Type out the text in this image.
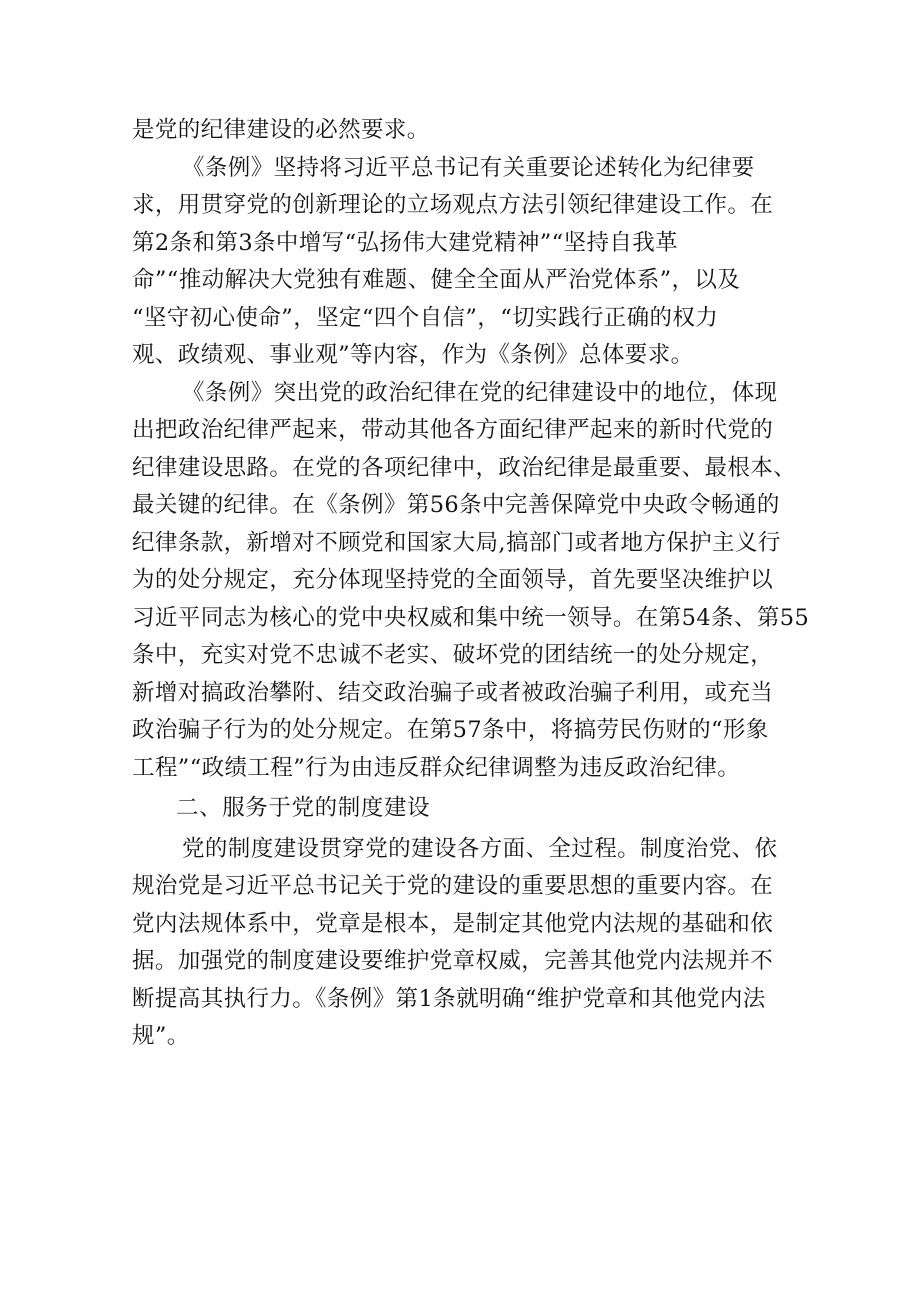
是党的纪律建设的必然要求。
《条例》坚持将习近平总书记有关重要论述转化为纪律要
求，用贯穿党的创新理论的立场观点方法引领纪律建设工作。在
第2条和第3条中增写“弘扬伟大建党精神”“坚持自我革
命”“推动解决大党独有难题、健全全面从严治党体系”，以及
“坚守初心使命”，坚定“四个自信”，“切实践行正确的权力
观、政绩观、事业观”等内容，作为《条例》总体要求。
《条例》突出党的政治纪律在党的纪律建设中的地位，体现
出把政治纪律严起来，带动其他各方面纪律严起来的新时代党的
纪律建设思路。在党的各项纪律中，政治纪律是最重要、最根本、
最关键的纪律。在《条例》第56条中完善保障党中央政令畅通的
纪律条款，新增对不顾党和国家大局,搞部门或者地方保护主义行
为的处分规定，充分体现坚持党的全面领导，首先要坚决维护以
习近平同志为核心的党中央权威和集中统一领导。在第54条、第55
条中，充实对党不忠诚不老实、破坏党的团结统一的处分规定，
新增对搞政治攀附、结交政治骗子或者被政治骗子利用，或充当
政治骗子行为的处分规定。在第57条中，将搞劳民伤财的“形象
工程”“政绩工程”行为由违反群众纪律调整为违反政治纪律。
二、服务于党的制度建设
党的制度建设贯穿党的建设各方面、全过程。制度治党、依
规治党是习近平总书记关于党的建设的重要思想的重要内容。在
党内法规体系中，党章是根本，是制定其他党内法规的基础和依
据。加强党的制度建设要维护党章权威，完善其他党内法规并不
断提高其执行力。《条例》第1条就明确“维护党章和其他党内法
规”。
